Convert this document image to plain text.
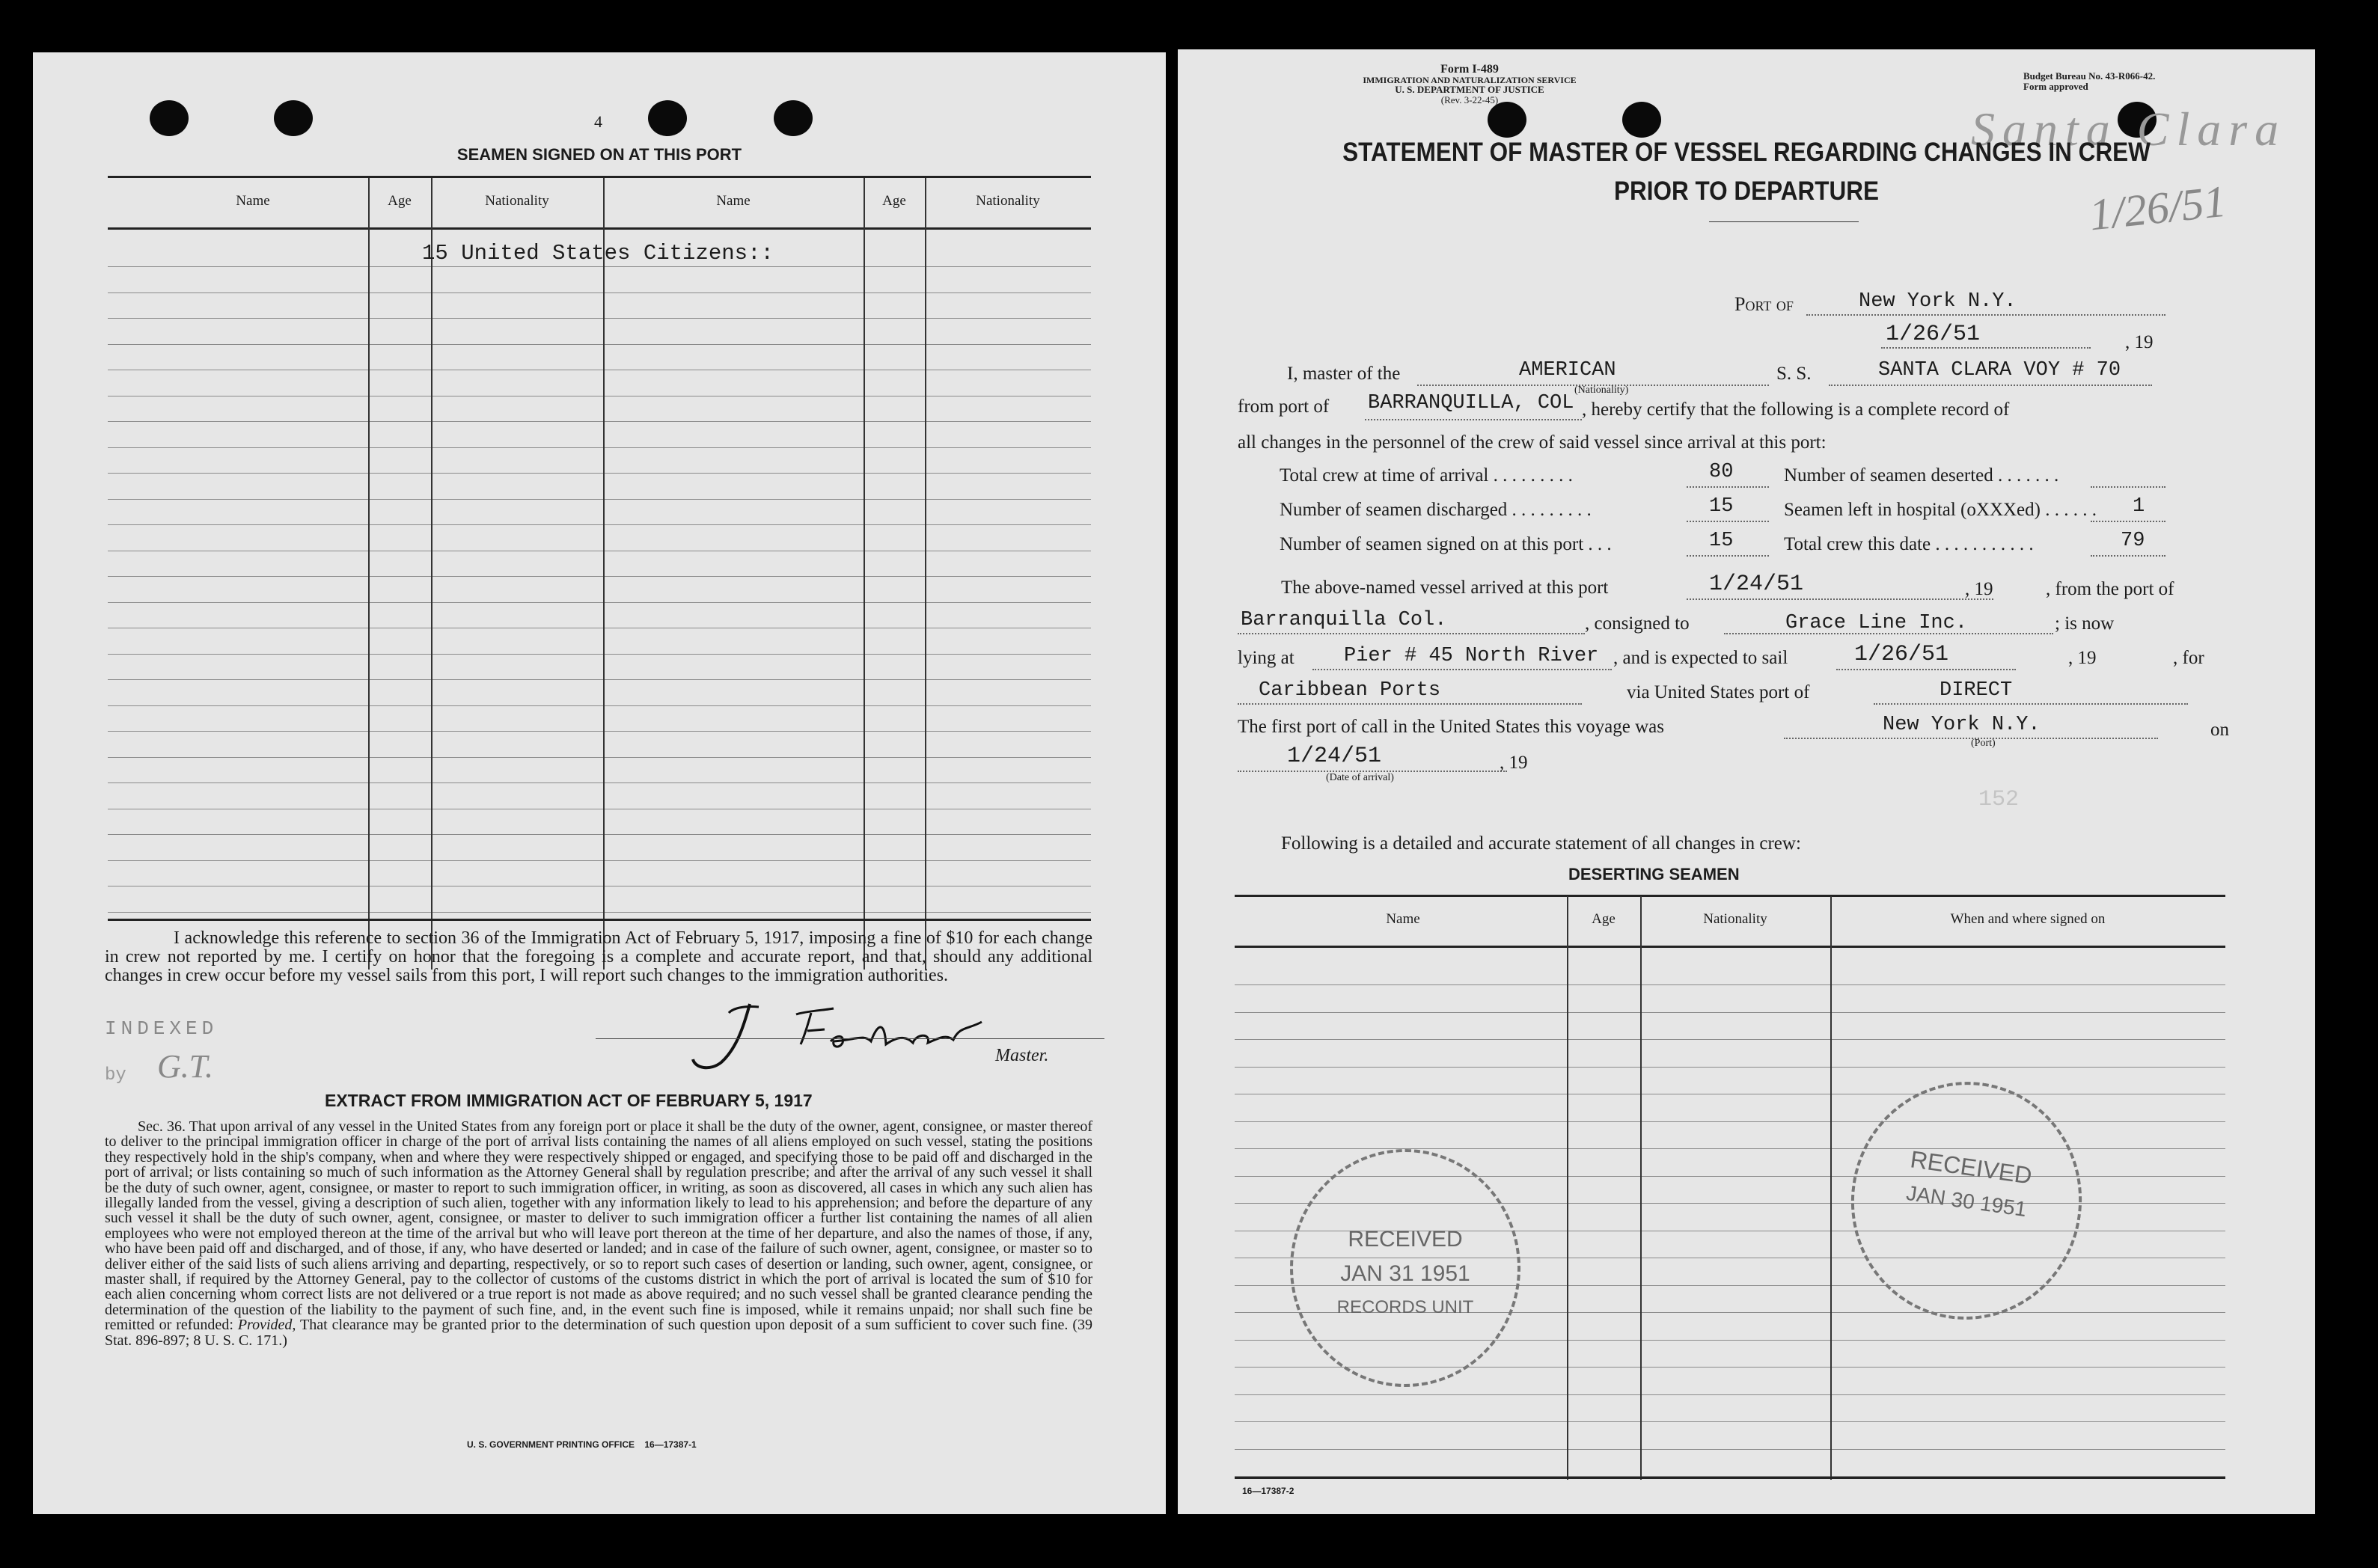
4
SEAMEN SIGNED ON AT THIS PORT
Name	Age	Nationality	Name	Age	Nationality
15 United States Citizens::
I acknowledge this reference to section 36 of the Immigration Act of February 5, 1917, imposing a fine of $10 for each change in crew not reported by me. I certify on honor that the foregoing is a complete and accurate report, and that, should any additional changes in crew occur before my vessel sails from this port, I will report such changes to the immigration authorities.
INDEXED
by G.T.	Master.
EXTRACT FROM IMMIGRATION ACT OF FEBRUARY 5, 1917
Sec. 36. That upon arrival of any vessel in the United States from any foreign port or place it shall be the duty of the owner, agent, consignee, or master thereof to deliver to the principal immigration officer in charge of the port of arrival lists containing the names of all aliens employed on such vessel, stating the positions they respectively hold in the ship's company, when and where they were respectively shipped or engaged, and specifying those to be paid off and discharged in the port of arrival; or lists containing so much of such information as the Attorney General shall by regulation prescribe; and after the arrival of any such vessel it shall be the duty of such owner, agent, consignee, or master to report to such immigration officer, in writing, as soon as discovered, all cases in which any such alien has illegally landed from the vessel, giving a description of such alien, together with any information likely to lead to his apprehension; and before the departure of any such vessel it shall be the duty of such owner, agent, consignee, or master to deliver to such immigration officer a further list containing the names of all alien employees who were not employed thereon at the time of the arrival but who will leave port thereon at the time of her departure, and also the names of those, if any, who have been paid off and discharged, and of those, if any, who have deserted or landed; and in case of the failure of such owner, agent, consignee, or master so to deliver either of the said lists of such aliens arriving and departing, respectively, or so to report such cases of desertion or landing, such owner, agent, consignee, or master shall, if required by the Attorney General, pay to the collector of customs of the customs district in which the port of arrival is located the sum of $10 for each alien concerning whom correct lists are not delivered or a true report is not made as above required; and no such vessel shall be granted clearance pending the determination of the question of the liability to the payment of such fine, and, in the event such fine is imposed, while it remains unpaid; nor shall such fine be remitted or refunded: Provided, That clearance may be granted prior to the determination of such question upon deposit of a sum sufficient to cover such fine. (39 Stat. 896-897; 8 U. S. C. 171.)
U. S. GOVERNMENT PRINTING OFFICE    16—17387-1
Form I-489
IMMIGRATION AND NATURALIZATION SERVICE
U. S. DEPARTMENT OF JUSTICE
(Rev. 3-22-45)
Budget Bureau No. 43-R066-42.
Form approved
Santa Clara
1/26/51
STATEMENT OF MASTER OF VESSEL REGARDING CHANGES IN CREW
PRIOR TO DEPARTURE
Port of	New York N.Y.
1/26/51	, 19
I, master of the	AMERICAN
(Nationality)
S. S.	SANTA CLARA VOY # 70
from port of BARRANQUILLA, COL , hereby certify that the following is a complete record of
all changes in the personnel of the crew of said vessel since arrival at this port:
Total crew at time of arrival . . . . . . . . .	80	Number of seamen deserted . . . . . . .
Number of seamen discharged . . . . . . . . .	15	Seamen left in hospital (oXXXed) . . . . . . 1
Number of seamen signed on at this port . . .	15	Total crew this date . . . . . . . . . . .	79
The above-named vessel arrived at this port	1/24/51	, 19	, from the port of
Barranquilla Col.	, consigned to	Grace Line Inc.	; is now
lying at Pier # 45 North River , and is expected to sail	1/26/51	, 19	, for
Caribbean Ports	via United States port of	DIRECT
The first port of call in the United States this voyage was	New York N.Y.
(Port)
on
1/24/51
(Date of arrival)
, 19
152
Following is a detailed and accurate statement of all changes in crew:
DESERTING SEAMEN
Name	Age	Nationality	When and where signed on
16—17387-2
RECEIVED
JAN 31 1951
RECORDS UNIT
RECEIVED
JAN 30 1951
